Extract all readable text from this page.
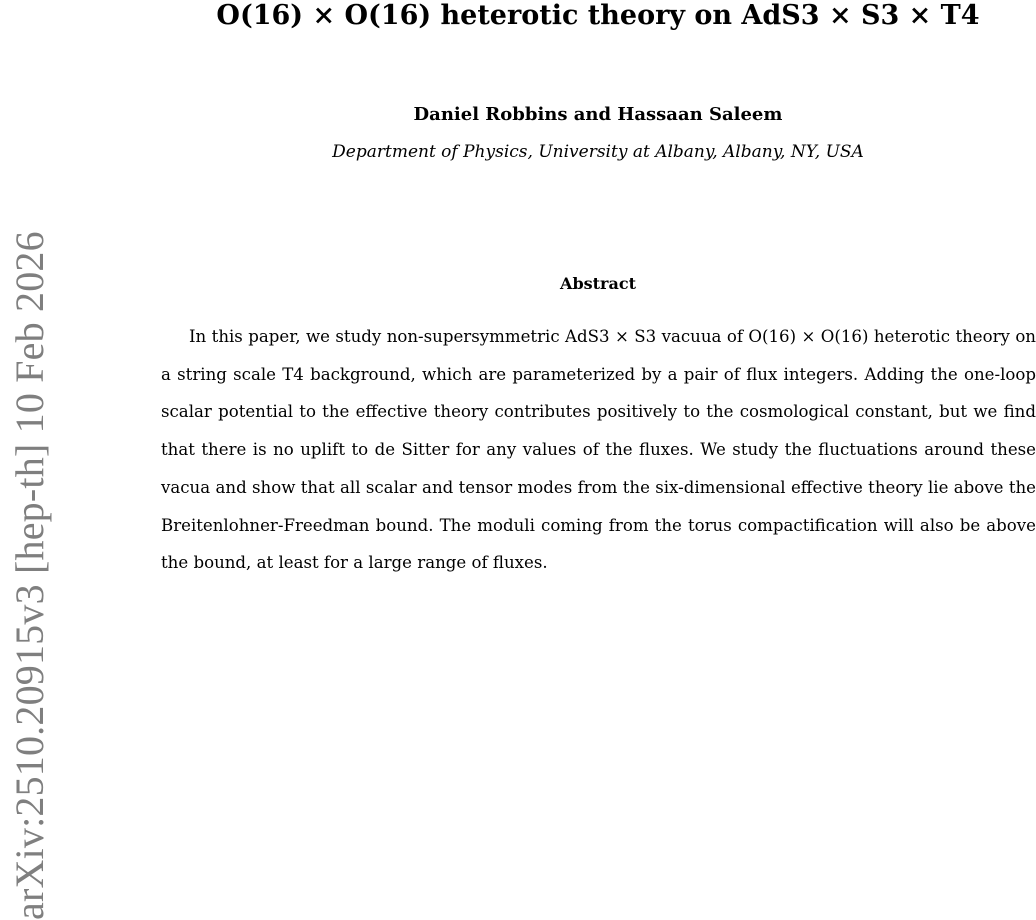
arXiv:2510.20915v3 [hep-th] 10 Feb 2026
O(16) × O(16) heterotic theory on AdS3 × S3 × T4
Daniel Robbins and Hassaan Saleem
Department of Physics, University at Albany, Albany, NY, USA
Abstract
In this paper, we study non-supersymmetric AdS3 × S3 vacuua of O(16) × O(16) heterotic theory on a string scale T4 background, which are parameterized by a pair of flux integers. Adding the one-loop scalar potential to the effective theory contributes positively to the cosmological constant, but we find that there is no uplift to de Sitter for any values of the fluxes. We study the fluctuations around these vacua and show that all scalar and tensor modes from the six-dimensional effective theory lie above the Breitenlohner-Freedman bound. The moduli coming from the torus compactification will also be above the bound, at least for a large range of fluxes.
